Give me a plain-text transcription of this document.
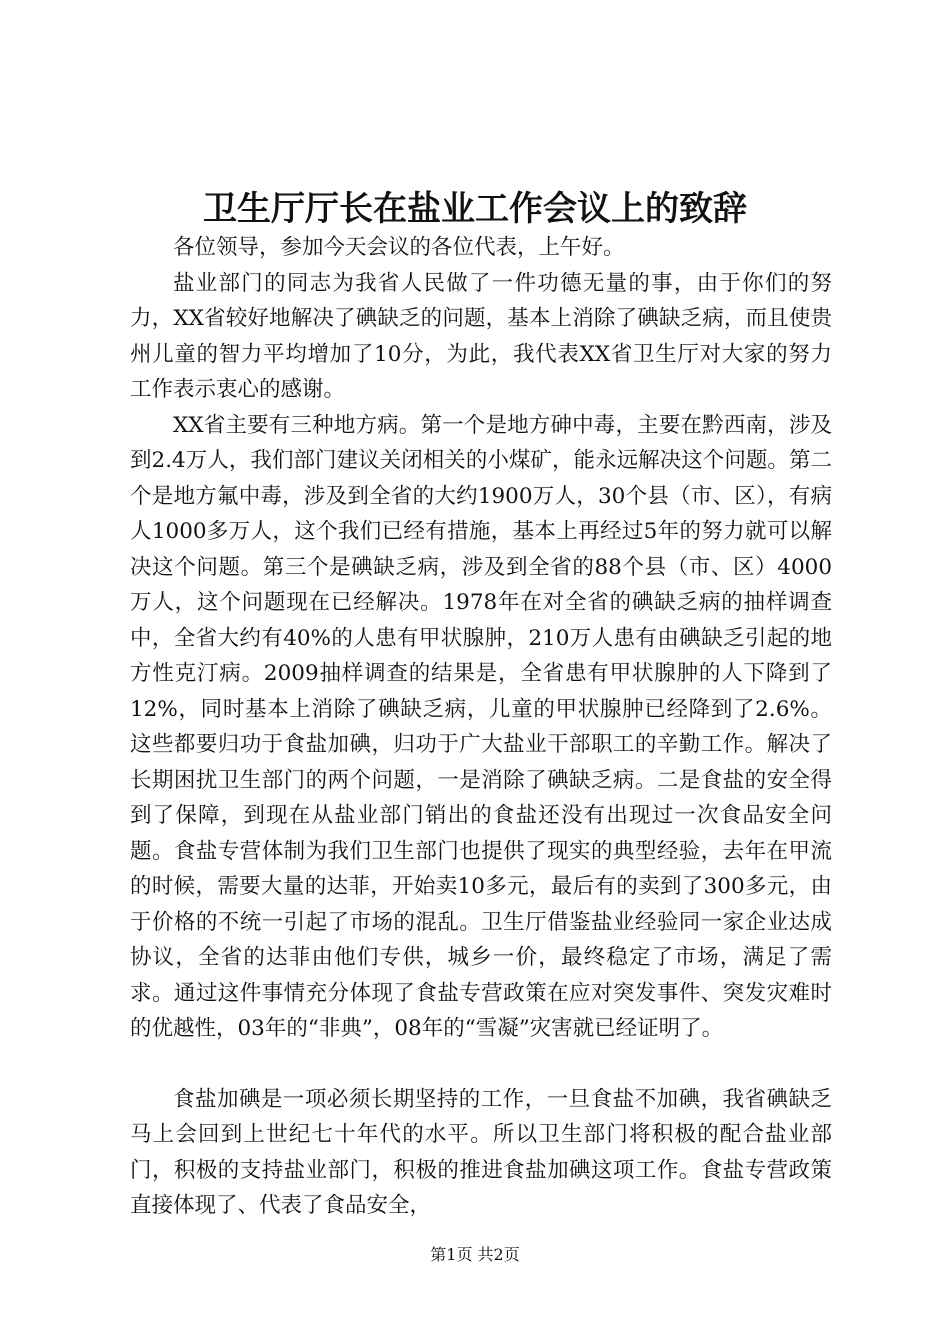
卫生厅厅长在盐业工作会议上的致辞

各位领导，参加今天会议的各位代表，上午好。

盐业部门的同志为我省人民做了一件功德无量的事，由于你们的努力，XX省较好地解决了碘缺乏的问题，基本上消除了碘缺乏病，而且使贵州儿童的智力平均增加了10分，为此，我代表XX省卫生厅对大家的努力工作表示衷心的感谢。

XX省主要有三种地方病。第一个是地方砷中毒，主要在黔西南，涉及到2.4万人，我们部门建议关闭相关的小煤矿，能永远解决这个问题。第二个是地方氟中毒，涉及到全省的大约1900万人，30个县（市、区），有病人1000多万人，这个我们已经有措施，基本上再经过5年的努力就可以解决这个问题。第三个是碘缺乏病，涉及到全省的88个县（市、区）4000万人，这个问题现在已经解决。1978年在对全省的碘缺乏病的抽样调查中，全省大约有40%的人患有甲状腺肿，210万人患有由碘缺乏引起的地方性克汀病。2009抽样调查的结果是，全省患有甲状腺肿的人下降到了12%，同时基本上消除了碘缺乏病，儿童的甲状腺肿已经降到了2.6%。这些都要归功于食盐加碘，归功于广大盐业干部职工的辛勤工作。解决了长期困扰卫生部门的两个问题，一是消除了碘缺乏病。二是食盐的安全得到了保障，到现在从盐业部门销出的食盐还没有出现过一次食品安全问题。食盐专营体制为我们卫生部门也提供了现实的典型经验，去年在甲流的时候，需要大量的达菲，开始卖10多元，最后有的卖到了300多元，由于价格的不统一引起了市场的混乱。卫生厅借鉴盐业经验同一家企业达成协议，全省的达菲由他们专供，城乡一价，最终稳定了市场，满足了需求。通过这件事情充分体现了食盐专营政策在应对突发事件、突发灾难时的优越性，03年的“非典”，08年的“雪凝”灾害就已经证明了。

食盐加碘是一项必须长期坚持的工作，一旦食盐不加碘，我省碘缺乏马上会回到上世纪七十年代的水平。所以卫生部门将积极的配合盐业部门，积极的支持盐业部门，积极的推进食盐加碘这项工作。食盐专营政策直接体现了、代表了食品安全，

第1页 共2页
